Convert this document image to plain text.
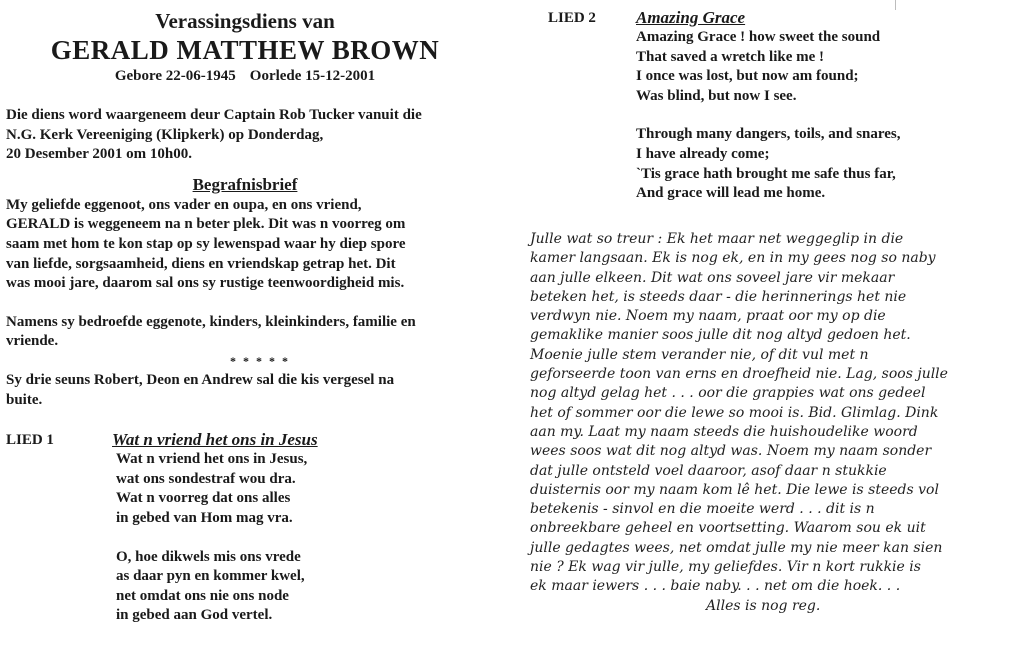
Verassingsdiens van
GERALD MATTHEW BROWN
Gebore 22-06-1945 Oorlede 15-12-2001

Die diens word waargeneem deur Captain Rob Tucker vanuit die

N.G. Kerk Vereeniging (Klipkerk) op Donderdag,

20 Desember 2001 om 10h00.

Begrafnisbrief

My geliefde eggenoot, ons vader en oupa, en ons vriend,

GERALD is weggeneem na n beter plek. Dit was n voorreg om

saam met hom te kon stap op sy lewenspad waar hy diep spore

van liefde, sorgsaamheid, diens en vriendskap getrap het. Dit

was mooi jare, daarom sal ons sy rustige teenwoordigheid mis.

Namens sy bedroefde eggenote, kinders, kleinkinders, familie en

vriende.

* * * * *

Sy drie seuns Robert, Deon en Andrew sal die kis vergesel na

buite.

LIED 1	Wat n vriend het ons in Jesus
Wat n vriend het ons in Jesus,
wat ons sondestraf wou dra.
Wat n voorreg dat ons alles
in gebed van Hom mag vra.
O, hoe dikwels mis ons vrede
as daar pyn en kommer kwel,
net omdat ons nie ons node
in gebed aan God vertel.
LIED 2 Amazing Grace
Amazing Grace ! how sweet the sound
That saved a wretch like me !
I once was lost, but now am found;
Was blind, but now I see.
Through many dangers, toils, and snares,
I have already come;
`Tis grace hath brought me safe thus far,
And grace will lead me home.
Julle wat so treur : Ek het maar net weggeglip in die
kamer langsaan. Ek is nog ek, en in my gees nog so naby
aan julle elkeen. Dit wat ons soveel jare vir mekaar
beteken het, is steeds daar - die herinnerings het nie
verdwyn nie. Noem my naam, praat oor my op die
gemaklike manier soos julle dit nog altyd gedoen het.
Moenie julle stem verander nie, of dit vul met n
geforseerde toon van erns en droefheid nie. Lag, soos julle
nog altyd gelag het . . . oor die grappies wat ons gedeel
het of sommer oor die lewe so mooi is. Bid. Glimlag. Dink
aan my. Laat my naam steeds die huishoudelike woord
wees soos wat dit nog altyd was. Noem my naam sonder
dat julle ontsteld voel daaroor, asof daar n stukkie
duisternis oor my naam kom lê het. Die lewe is steeds vol
betekenis - sinvol en die moeite werd . . . dit is n
onbreekbare geheel en voortsetting. Waarom sou ek uit
julle gedagtes wees, net omdat julle my nie meer kan sien
nie ? Ek wag vir julle, my geliefdes. Vir n kort rukkie is
ek maar iewers . . . baie naby. . . net om die hoek. . .
Alles is nog reg.
